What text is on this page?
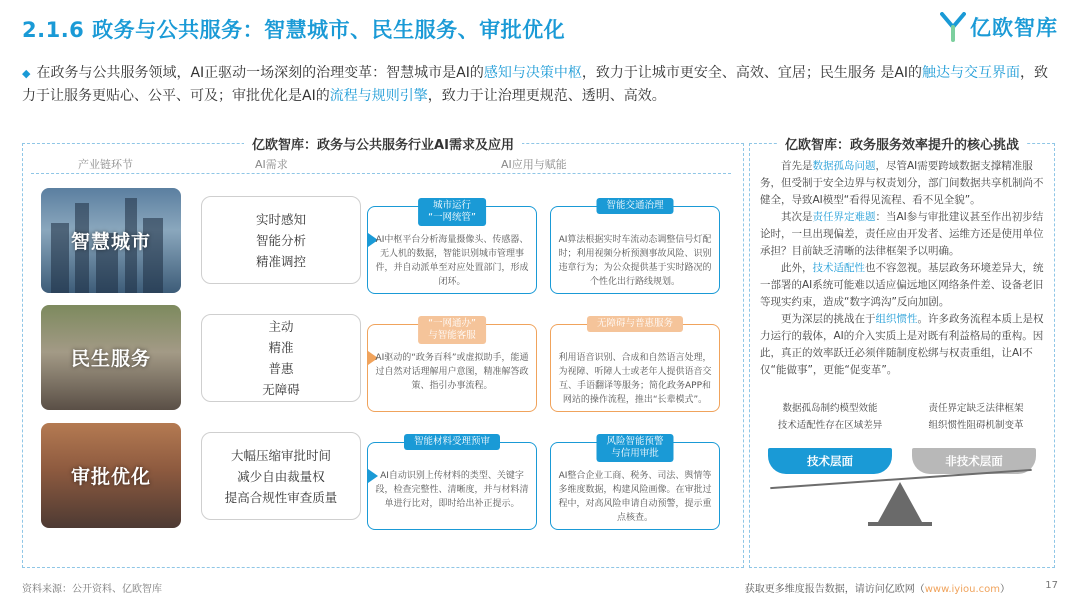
2.1.6 政务与公共服务：智慧城市、民生服务、审批优化	亿欧智库
◆ 在政务与公共服务领域，AI正驱动一场深刻的治理变革：智慧城市是AI的感知与决策中枢，致力于让城市更安全、高效、宜居；民生服务 是AI的触达与交互界面，致力于让服务更贴心、公平、可及；审批优化是AI的流程与规则引擎，致力于让治理更规范、透明、高效。
亿欧智库：政务与公共服务行业AI需求及应用
产业链环节	AI需求	AI应用与赋能
智慧城市
实时感知
智能分析
精准调控
城市运行
“一网统管”
AI中枢平台分析海量摄像头、传感器、无人机的数据，智能识别城市管理事件，并自动派单至对应处置部门，形成闭环。
智能交通治理
AI算法根据实时车流动态调整信号灯配时；利用视频分析预测事故风险、识别违章行为；为公众提供基于实时路况的个性化出行路线规划。
民生服务
主动
精准
普惠
无障碍
“一网通办”
与智能客服
AI驱动的“政务百科”或虚拟助手，能通过自然对话理解用户意图，精准解答政策、指引办事流程。
无障碍与普惠服务
利用语音识别、合成和自然语言处理，为视障、听障人士或老年人提供语音交互、手语翻译等服务；简化政务APP和网站的操作流程，推出“长辈模式”。
审批优化
大幅压缩审批时间
减少自由裁量权
提高合规性审查质量
智能材料受理预审
AI自动识别上传材料的类型、关键字段，检查完整性、清晰度，并与材料清单进行比对，即时给出补正提示。
风险智能预警
与信用审批
AI整合企业工商、税务、司法、舆情等多维度数据，构建风险画像。在审批过程中，对高风险申请自动预警，提示重点核查。
亿欧智库：政务服务效率提升的核心挑战

首先是数据孤岛问题，尽管AI需要跨域数据支撑精准服务，但受制于安全边界与权责划分，部门间数据共享机制尚不健全，导致AI模型“看得见流程、看不见全貌”。

其次是责任界定难题：当AI参与审批建议甚至作出初步结论时，一旦出现偏差，责任应由开发者、运维方还是使用单位承担？目前缺乏清晰的法律框架予以明确。

此外，技术适配性也不容忽视。基层政务环境差异大，统一部署的AI系统可能难以适应偏远地区网络条件差、设备老旧等现实约束，造成“数字鸿沟”反向加剧。

更为深层的挑战在于组织惯性。许多政务流程本质上是权力运行的载体，AI的介入实质上是对既有利益格局的重构。因此，真正的效率跃迁必须伴随制度松绑与权责重组，让AI不仅“能做事”，更能“促变革”。

数据孤岛制约模型效能
技术适配性存在区域差异
责任界定缺乏法律框架
组织惯性阻碍机制变革
技术层面	非技术层面
资料来源：公开资料、亿欧智库	获取更多维度报告数据，请访问亿欧网（www.iyiou.com）	17
